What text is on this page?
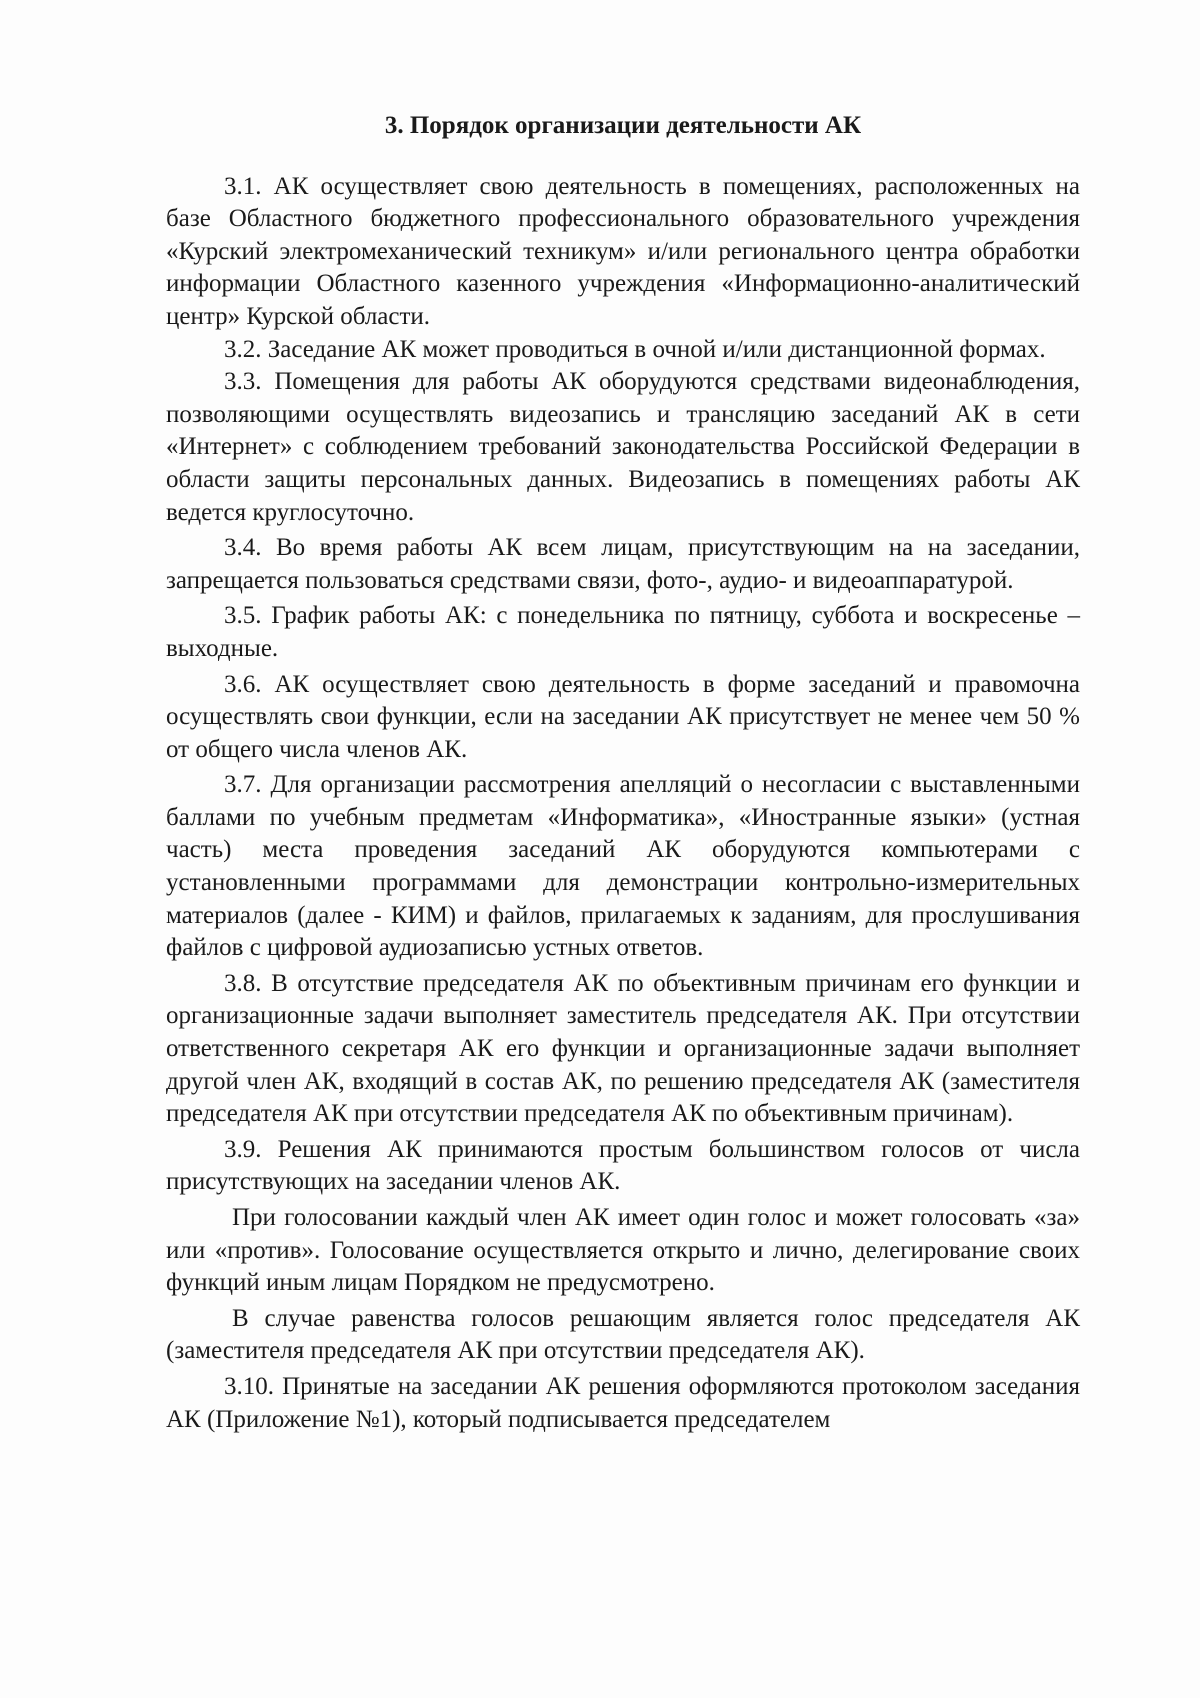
3. Порядок организации деятельности АК

3.1. АК осуществляет свою деятельность в помещениях, расположенных на базе Областного бюджетного профессионального образовательного учреждения «Курский электромеханический техникум» и/или регионального центра обработки информации Областного казенного учреждения «Информационно-аналитический центр» Курской области.

3.2. Заседание АК может проводиться в очной и/или дистанционной формах.

3.3. Помещения для работы АК оборудуются средствами видеонаблюдения, позволяющими осуществлять видеозапись и трансляцию заседаний АК в сети «Интернет» с соблюдением требований законодательства Российской Федерации в области защиты персональных данных. Видеозапись в помещениях работы АК ведется круглосуточно.

3.4. Во время работы АК всем лицам, присутствующим на на заседании, запрещается пользоваться средствами связи, фото-, аудио- и видеоаппаратурой.

3.5. График работы АК: с понедельника по пятницу, суббота и воскресенье – выходные.

3.6. АК осуществляет свою деятельность в форме заседаний и правомочна осуществлять свои функции, если на заседании АК присутствует не менее чем 50 % от общего числа членов АК.

3.7. Для организации рассмотрения апелляций о несогласии с выставленными баллами по учебным предметам «Информатика», «Иностранные языки» (устная часть) места проведения заседаний АК оборудуются компьютерами с установленными программами для демонстрации контрольно-измерительных материалов (далее - КИМ) и файлов, прилагаемых к заданиям, для прослушивания файлов с цифровой аудиозаписью устных ответов.

3.8. В отсутствие председателя АК по объективным причинам его функции и организационные задачи выполняет заместитель председателя АК. При отсутствии ответственного секретаря АК его функции и организационные задачи выполняет другой член АК, входящий в состав АК, по решению председателя АК (заместителя председателя АК при отсутствии председателя АК по объективным причинам).

3.9. Решения АК принимаются простым большинством голосов от числа присутствующих на заседании членов АК.

При голосовании каждый член АК имеет один голос и может голосовать «за» или «против». Голосование осуществляется открыто и лично, делегирование своих функций иным лицам Порядком не предусмотрено.

В случае равенства голосов решающим является голос председателя АК (заместителя председателя АК при отсутствии председателя АК).

3.10. Принятые на заседании АК решения оформляются протоколом заседания АК (Приложение №1), который подписывается председателем
